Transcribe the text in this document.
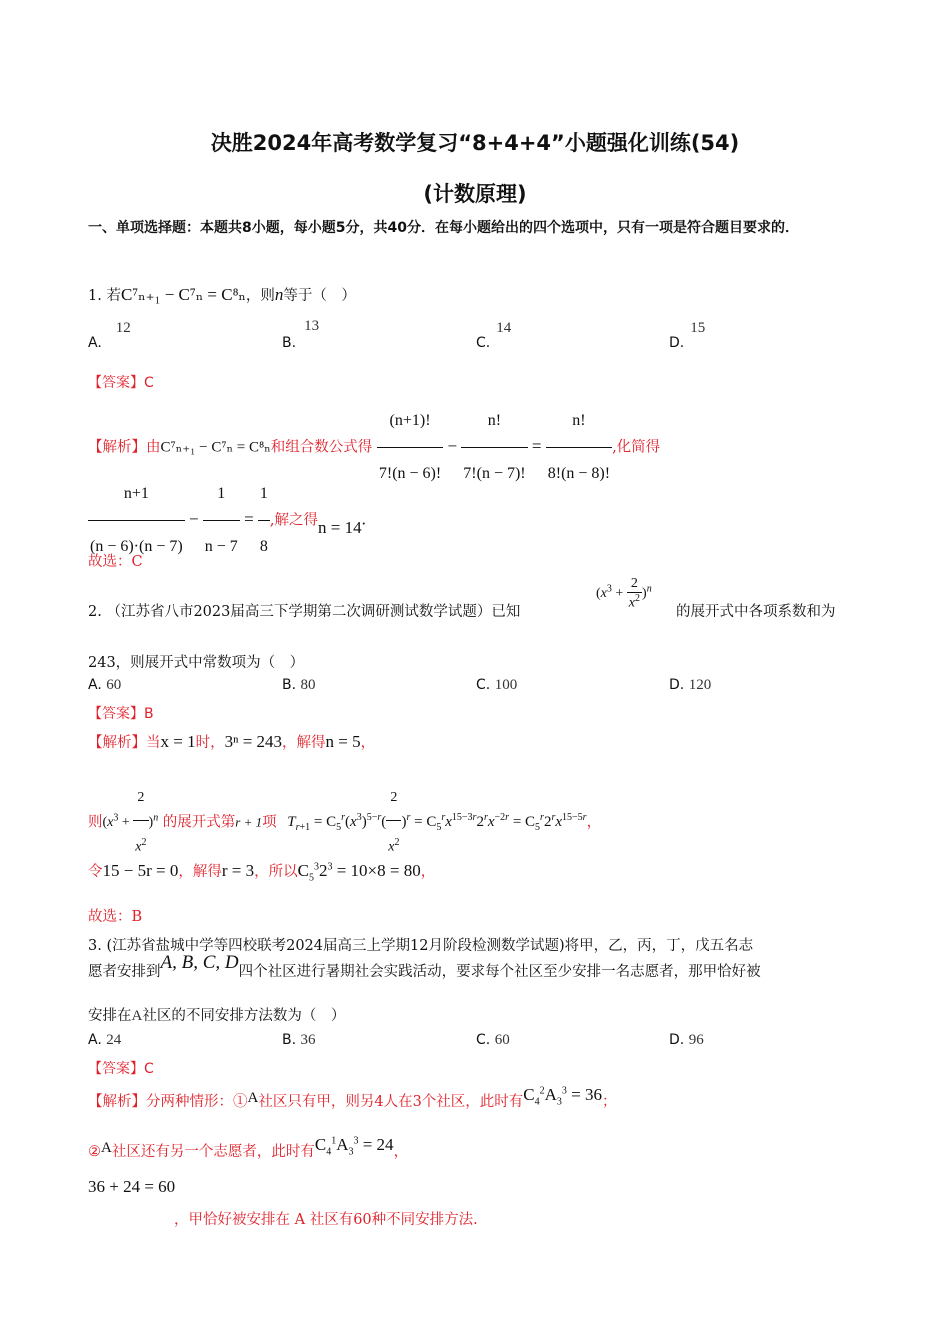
决胜2024年高考数学复习“8+4+4”小题强化训练(54)
(计数原理)
一、单项选择题：本题共8小题，每小题5分，共40分．在每小题给出的四个选项中，只有一项是符合题目要求的．
1. 若C⁷ₙ₊₁ − C⁷ₙ = C⁸ₙ，则n等于（　）
A.12
B.13
C.14
D.15
【答案】C
【解析】由C⁷ₙ₊₁ − C⁷ₙ = C⁸ₙ和组合数公式得 $\frac{(n+1)!}{7!(n - 6)!} - \frac{n!}{7!(n - 7)!} = \frac{n!}{8!(n - 8)!}$ ,化简得
$\frac{n+1}{(n - 6)\cdot(n - 7)} - \frac{1}{n - 7} = \frac{1}{8}$ ,解之得n = 14.
故选：C
2. （江苏省八市2023届高三下学期第二次调研测试数学试题）已知
$(x^3 + \frac{2}{x^2} )^n$
的展开式中各项系数和为
243，则展开式中常数项为（　）
A. 60	B. 80	C. 100	D. 120
【答案】B
【解析】当x = 1时，3ⁿ = 243，解得n = 5，
则$(x^3 + \frac{2}{x^2} )^n$ 的展开式第r + 1项 $T_{r+1} = C_5^r(x^3)^{5-r}( \frac{2}{x^2} )^r = C_5^rx^{15-3r}2^rx^{-2r} = C_5^r2^rx^{15-5r}$，
令15 − 5r = 0，解得r = 3，所以$C_5^32^3 = 10\times 8 = 80$，
故选：B
3. (江苏省盐城中学等四校联考2024届高三上学期12月阶段检测数学试题)将甲，乙，丙，丁，戊五名志
愿者安排到A, B, C, D四个社区进行暑期社会实践活动，要求每个社区至少安排一名志愿者，那甲恰好被
安排在A社区的不同安排方法数为（　）
A. 24	B. 36	C. 60	D. 96
【答案】C
【解析】分两种情形：①A社区只有甲，则另4人在3个社区，此时有$C_4^2A_3^3 = 36$；
②A社区还有另一个志愿者，此时有$C_4^1A_3^3 = 24$，
36 + 24 = 60
，甲恰好被安排在 A 社区有60种不同安排方法.
